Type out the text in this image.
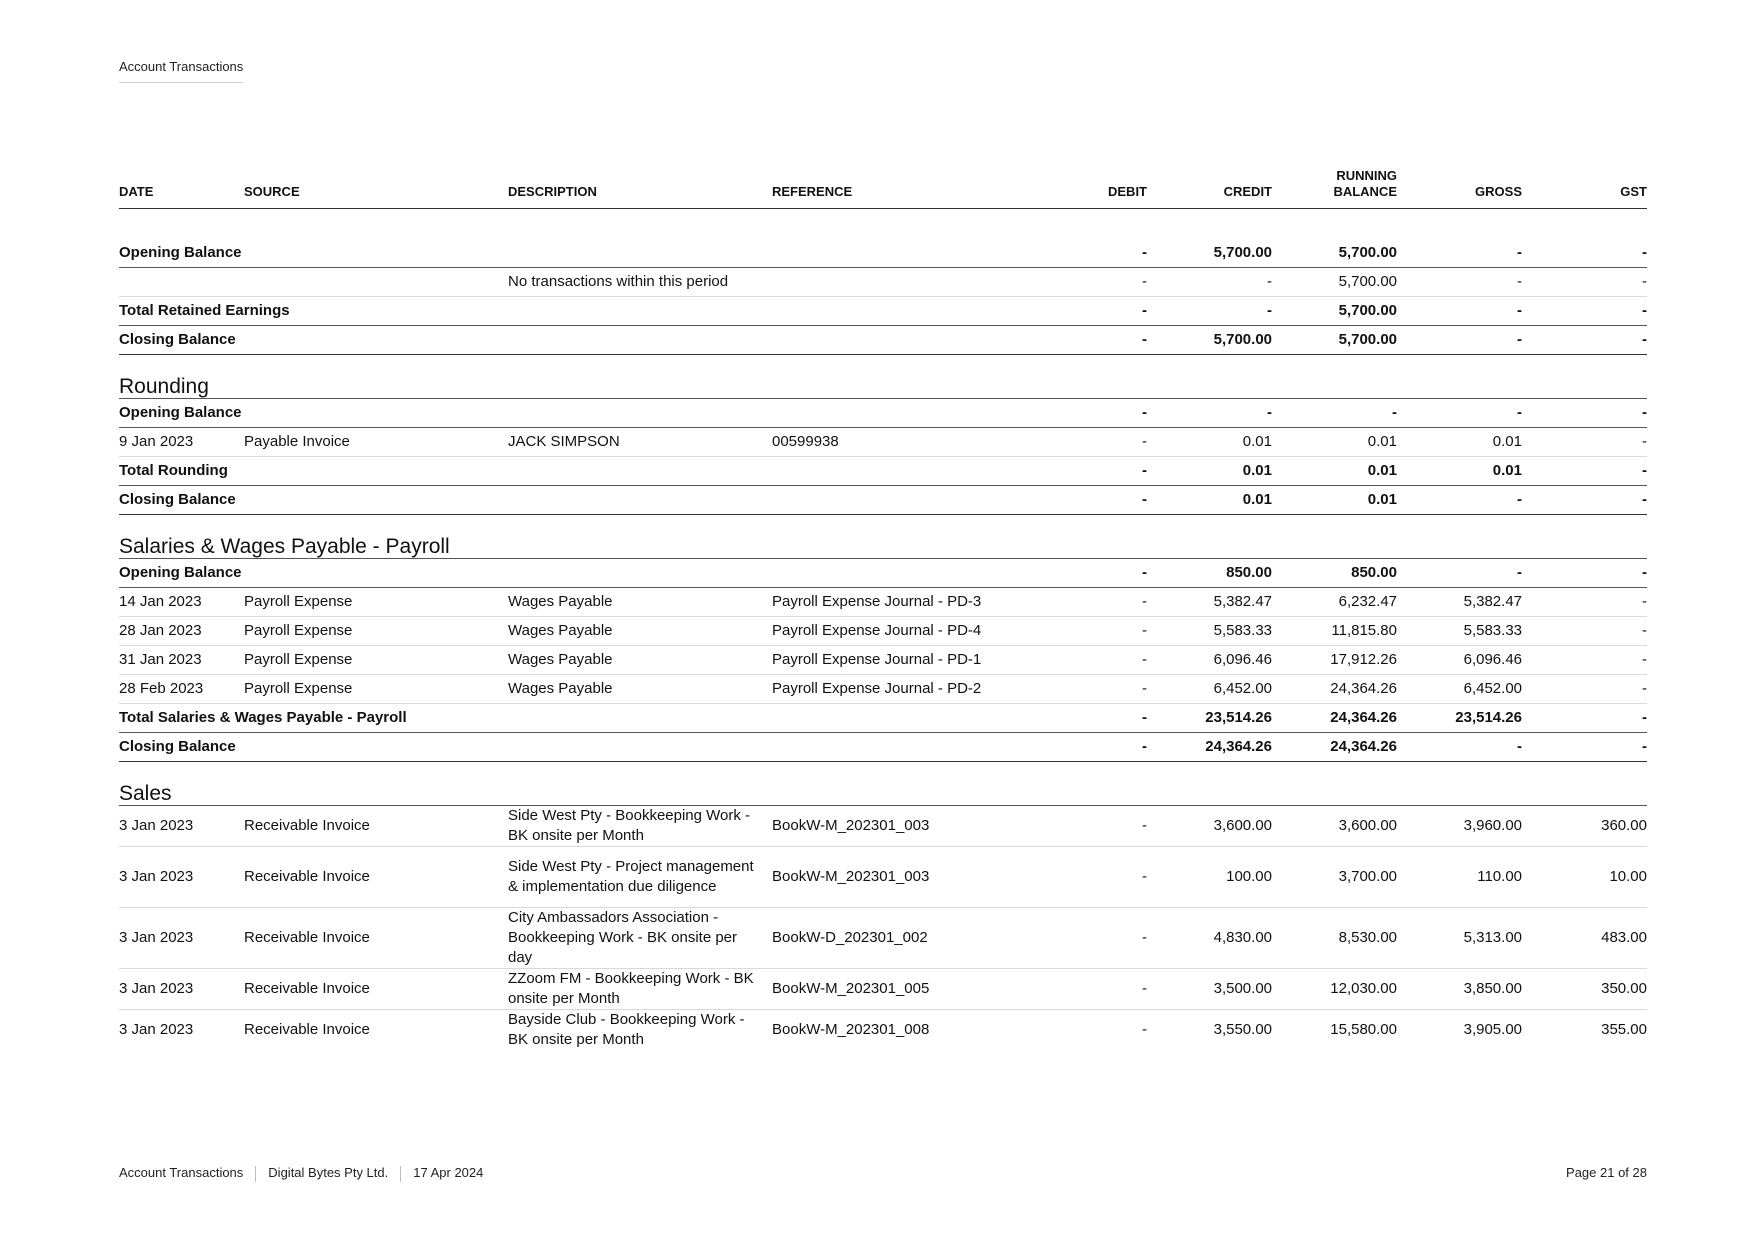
Account Transactions
DATE	SOURCE	DESCRIPTION	REFERENCE	DEBIT	CREDIT	RUNNING BALANCE	GROSS	GST

Opening Balance				-	5,700.00	5,700.00	-	-
		No transactions within this period		-	-	5,700.00	-	-
Total Retained Earnings				-	-	5,700.00	-	-
Closing Balance				-	5,700.00	5,700.00	-	-
Rounding								
Opening Balance				-	-	-	-	-
9 Jan 2023	Payable Invoice	JACK SIMPSON	00599938	-	0.01	0.01	0.01	-
Total Rounding				-	0.01	0.01	0.01	-
Closing Balance				-	0.01	0.01	-	-
Salaries & Wages Payable - Payroll								
Opening Balance				-	850.00	850.00	-	-
14 Jan 2023	Payroll Expense	Wages Payable	Payroll Expense Journal - PD-3	-	5,382.47	6,232.47	5,382.47	-
28 Jan 2023	Payroll Expense	Wages Payable	Payroll Expense Journal - PD-4	-	5,583.33	11,815.80	5,583.33	-
31 Jan 2023	Payroll Expense	Wages Payable	Payroll Expense Journal - PD-1	-	6,096.46	17,912.26	6,096.46	-
28 Feb 2023	Payroll Expense	Wages Payable	Payroll Expense Journal - PD-2	-	6,452.00	24,364.26	6,452.00	-
Total Salaries & Wages Payable - Payroll				-	23,514.26	24,364.26	23,514.26	-
Closing Balance				-	24,364.26	24,364.26	-	-
Sales								
3 Jan 2023	Receivable Invoice	Side West Pty - Bookkeeping Work - BK onsite per Month	BookW-M_202301_003	-	3,600.00	3,600.00	3,960.00	360.00
3 Jan 2023	Receivable Invoice	Side West Pty - Project management & implementation due diligence	BookW-M_202301_003	-	100.00	3,700.00	110.00	10.00
3 Jan 2023	Receivable Invoice	City Ambassadors Association - Bookkeeping Work - BK onsite per day	BookW-D_202301_002	-	4,830.00	8,530.00	5,313.00	483.00
3 Jan 2023	Receivable Invoice	ZZoom FM - Bookkeeping Work - BK onsite per Month	BookW-M_202301_005	-	3,500.00	12,030.00	3,850.00	350.00
3 Jan 2023	Receivable Invoice	Bayside Club - Bookkeeping Work - BK onsite per Month	BookW-M_202301_008	-	3,550.00	15,580.00	3,905.00	355.00
Account Transactions Digital Bytes Pty Ltd. 17 Apr 2024	Page 21 of 28
